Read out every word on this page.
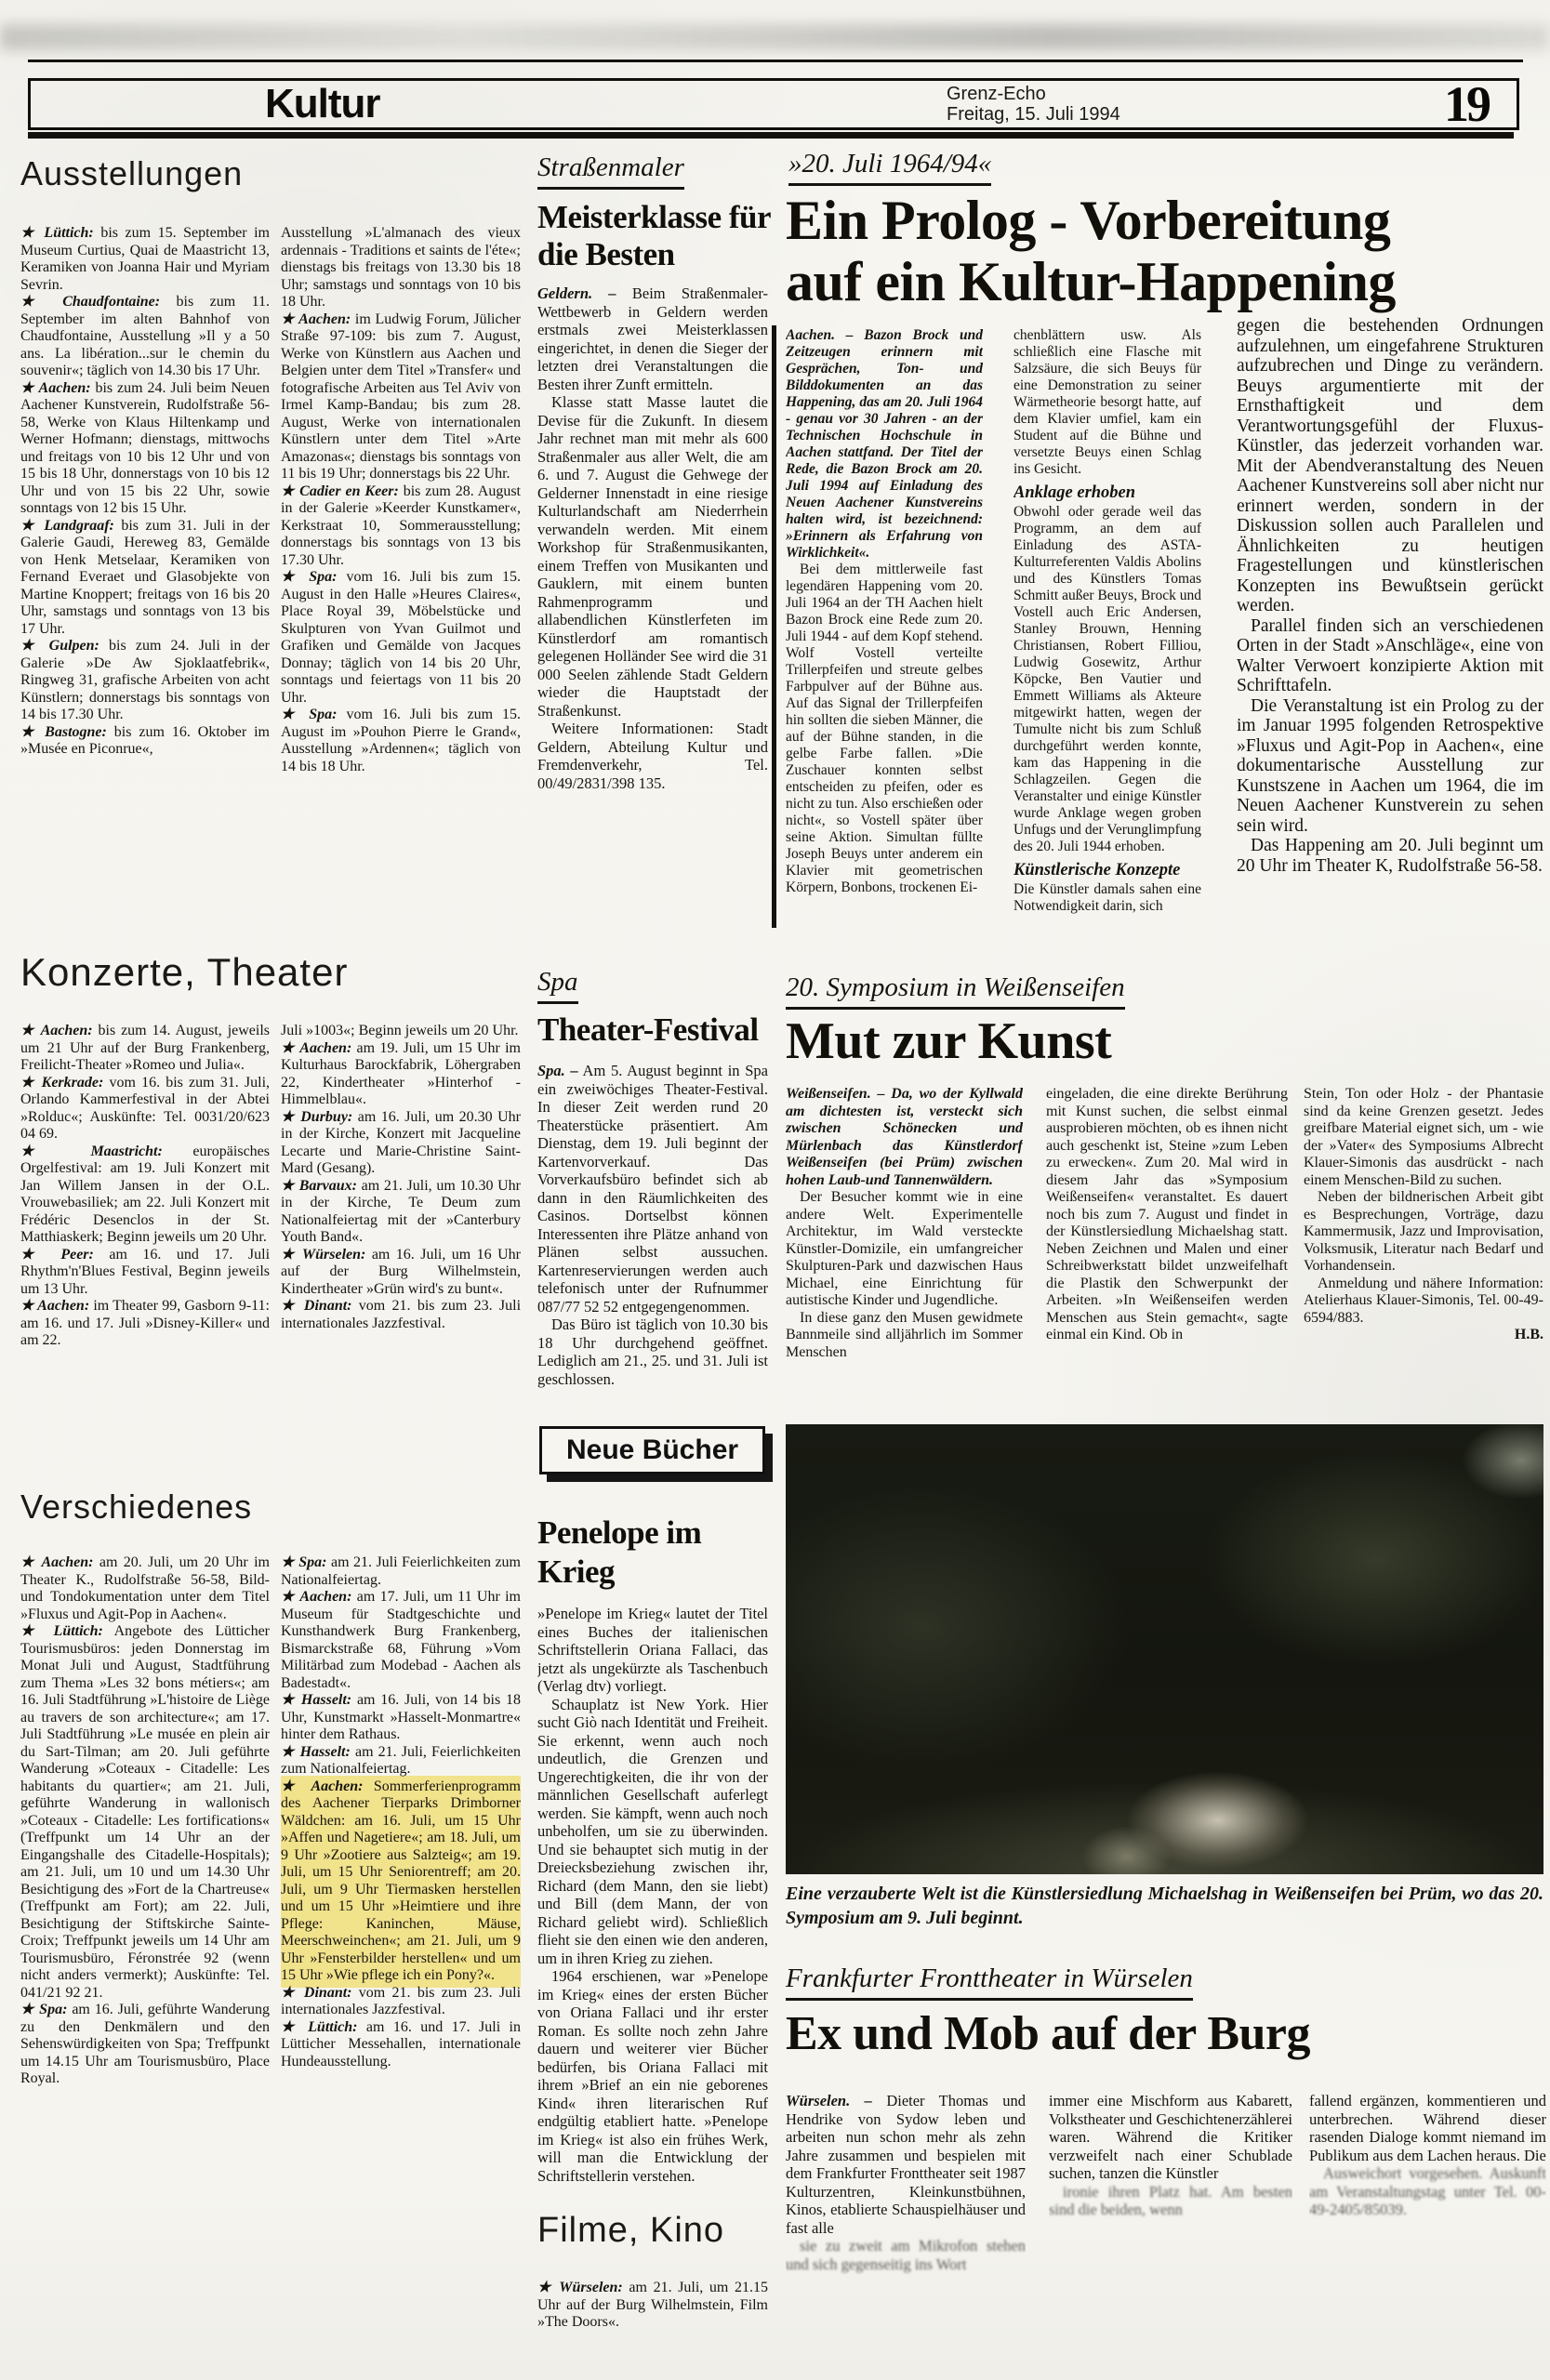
Kultur	Grenz-Echo
Freitag, 15. Juli 1994	19
Ausstellungen

★ Lüttich: bis zum 15. September im Museum Curtius, Quai de Maastricht 13, Keramiken von Joanna Hair und Myriam Sevrin.

★ Chaudfontaine: bis zum 11. September im alten Bahnhof von Chaudfontaine, Ausstellung »Il y a 50 ans. La libération...sur le chemin du souvenir«; täglich von 14.30 bis 17 Uhr.

★ Aachen: bis zum 24. Juli beim Neuen Aachener Kunstverein, Rudolfstraße 56-58, Werke von Klaus Hiltenkamp und Werner Hofmann; dienstags, mittwochs und freitags von 10 bis 12 Uhr und von 15 bis 18 Uhr, donnerstags von 10 bis 12 Uhr und von 15 bis 22 Uhr, sowie sonntags von 12 bis 15 Uhr.

★ Landgraaf: bis zum 31. Juli in der Galerie Gaudi, Hereweg 83, Gemälde von Henk Metselaar, Keramiken von Fernand Everaet und Glasobjekte von Martine Knoppert; freitags von 16 bis 20 Uhr, samstags und sonntags von 13 bis 17 Uhr.

★ Gulpen: bis zum 24. Juli in der Galerie »De Aw Sjoklaatfebrik«, Ringweg 31, grafische Arbeiten von acht Künstlern; donnerstags bis sonntags von 14 bis 17.30 Uhr.

★ Bastogne: bis zum 16. Oktober im »Musée en Piconrue«,

Ausstellung »L'almanach des vieux ardennais - Traditions et saints de l'éte«; dienstags bis freitags von 13.30 bis 18 Uhr; samstags und sonntags von 10 bis 18 Uhr.

★ Aachen: im Ludwig Forum, Jülicher Straße 97-109: bis zum 7. August, Werke von Künstlern aus Aachen und Belgien unter dem Titel »Transfer« und fotografische Arbeiten aus Tel Aviv von Irmel Kamp-Bandau; bis zum 28. August, Werke von internationalen Künstlern unter dem Titel »Arte Amazonas«; dienstags bis sonntags von 11 bis 19 Uhr; donnerstags bis 22 Uhr.

★ Cadier en Keer: bis zum 28. August in der Galerie »Keerder Kunstkamer«, Kerkstraat 10, Sommerausstellung; donnerstags bis sonntags von 13 bis 17.30 Uhr.

★ Spa: vom 16. Juli bis zum 15. August in den Halle »Heures Claires«, Place Royal 39, Möbelstücke und Skulpturen von Yvan Guilmot und Grafiken und Gemälde von Jacques Donnay; täglich von 14 bis 20 Uhr, sonntags und feiertags von 11 bis 20 Uhr.

★ Spa: vom 16. Juli bis zum 15. August im »Pouhon Pierre le Grand«, Ausstellung »Ardennen«; täglich von 14 bis 18 Uhr.

Konzerte, Theater

★ Aachen: bis zum 14. August, jeweils um 21 Uhr auf der Burg Frankenberg, Freilicht-Theater »Romeo und Julia«.

★ Kerkrade: vom 16. bis zum 31. Juli, Orlando Kammerfestival in der Abtei »Rolduc«; Auskünfte: Tel. 0031/20/623 04 69.

★ Maastricht: europäisches Orgelfestival: am 19. Juli Konzert mit Jan Willem Jansen in der O.L. Vrouwebasiliek; am 22. Juli Konzert mit Frédéric Desenclos in der St. Matthiaskerk; Beginn jeweils um 20 Uhr.

★ Peer: am 16. und 17. Juli Rhythm'n'Blues Festival, Beginn jeweils um 13 Uhr.

★ Aachen: im Theater 99, Gasborn 9-11: am 16. und 17. Juli »Disney-Killer« und am 22.

Juli »1003«; Beginn jeweils um 20 Uhr.

★ Aachen: am 19. Juli, um 15 Uhr im Kulturhaus Barockfabrik, Löhergraben 22, Kindertheater »Hinterhof - Himmelblau«.

★ Durbuy: am 16. Juli, um 20.30 Uhr in der Kirche, Konzert mit Jacqueline Lecarte und Marie-Christine Saint-Mard (Gesang).

★ Barvaux: am 21. Juli, um 10.30 Uhr in der Kirche, Te Deum zum Nationalfeiertag mit der »Canterbury Youth Band«.

★ Würselen: am 16. Juli, um 16 Uhr auf der Burg Wilhelmstein, Kindertheater »Grün wird's zu bunt«.

★ Dinant: vom 21. bis zum 23. Juli internationales Jazzfestival.

Verschiedenes

★ Aachen: am 20. Juli, um 20 Uhr im Theater K., Rudolfstraße 56-58, Bild- und Tondokumentation unter dem Titel »Fluxus und Agit-Pop in Aachen«.

★ Lüttich: Angebote des Lütticher Tourismusbüros: jeden Donnerstag im Monat Juli und August, Stadtführung zum Thema »Les 32 bons métiers«; am 16. Juli Stadtführung »L'histoire de Liège au travers de son architecture«; am 17. Juli Stadtführung »Le musée en plein air du Sart-Tilman; am 20. Juli geführte Wanderung »Coteaux - Citadelle: Les habitants du quartier«; am 21. Juli, geführte Wanderung in wallonisch »Coteaux - Citadelle: Les fortifications« (Treffpunkt um 14 Uhr an der Eingangshalle des Citadelle-Hospitals); am 21. Juli, um 10 und um 14.30 Uhr Besichtigung des »Fort de la Chartreuse« (Treffpunkt am Fort); am 22. Juli, Besichtigung der Stiftskirche Sainte-Croix; Treffpunkt jeweils um 14 Uhr am Tourismusbüro, Féronstrée 92 (wenn nicht anders vermerkt); Auskünfte: Tel. 041/21 92 21.

★ Spa: am 16. Juli, geführte Wanderung zu den Denkmälern und den Sehenswürdigkeiten von Spa; Treffpunkt um 14.15 Uhr am Tourismusbüro, Place Royal.

★ Spa: am 21. Juli Feierlichkeiten zum Nationalfeiertag.

★ Aachen: am 17. Juli, um 11 Uhr im Museum für Stadtgeschichte und Kunsthandwerk Burg Frankenberg, Bismarckstraße 68, Führung »Vom Militärbad zum Modebad - Aachen als Badestadt«.

★ Hasselt: am 16. Juli, von 14 bis 18 Uhr, Kunstmarkt »Hasselt-Monmartre« hinter dem Rathaus.

★ Hasselt: am 21. Juli, Feierlichkeiten zum Nationalfeiertag.

★ Aachen: Sommerferienprogramm des Aachener Tierparks Drimborner Wäldchen: am 16. Juli, um 15 Uhr »Affen und Nagetiere«; am 18. Juli, um 9 Uhr »Zootiere aus Salzteig«; am 19. Juli, um 15 Uhr Seniorentreff; am 20. Juli, um 9 Uhr Tiermasken herstellen und um 15 Uhr »Heimtiere und ihre Pflege: Kaninchen, Mäuse, Meerschweinchen«; am 21. Juli, um 9 Uhr »Fensterbilder herstellen« und um 15 Uhr »Wie pflege ich ein Pony?«.

★ Dinant: vom 21. bis zum 23. Juli internationales Jazzfestival.

★ Lüttich: am 16. und 17. Juli in Lütticher Messehallen, internationale Hundeausstellung.

Straßenmaler
Meisterklasse für die Besten

Geldern. – Beim Straßenmaler-Wettbewerb in Geldern werden erstmals zwei Meisterklassen eingerichtet, in denen die Sieger der letzten drei Veranstaltungen die Besten ihrer Zunft ermitteln.

Klasse statt Masse lautet die Devise für die Zukunft. In diesem Jahr rechnet man mit mehr als 600 Straßenmaler aus aller Welt, die am 6. und 7. August die Gehwege der Gelderner Innenstadt in eine riesige Kulturlandschaft am Niederrhein verwandeln werden. Mit einem Workshop für Straßenmusikanten, einem Treffen von Musikanten und Gauklern, mit einem bunten Rahmenprogramm und allabendlichen Künstlerfeten im Künstlerdorf am romantisch gelegenen Holländer See wird die 31 000 Seelen zählende Stadt Geldern wieder die Hauptstadt der Straßenkunst.

Weitere Informationen: Stadt Geldern, Abteilung Kultur und Fremdenverkehr, Tel. 00/49/2831/398 135.

Spa
Theater-Festival

Spa. – Am 5. August beginnt in Spa ein zweiwöchiges Theater-Festival. In dieser Zeit werden rund 20 Theaterstücke präsentiert. Am Dienstag, dem 19. Juli beginnt der Kartenvorverkauf. Das Vorverkaufsbüro befindet sich ab dann in den Räumlichkeiten des Casinos. Dortselbst können Interessenten ihre Plätze anhand von Plänen selbst aussuchen. Kartenreservierungen werden auch telefonisch unter der Rufnummer 087/77 52 52 entgegengenommen.

Das Büro ist täglich von 10.30 bis 18 Uhr durchgehend geöffnet. Lediglich am 21., 25. und 31. Juli ist geschlossen.

Neue Bücher
Penelope im Krieg

»Penelope im Krieg« lautet der Titel eines Buches der italienischen Schriftstellerin Oriana Fallaci, das jetzt als ungekürzte als Taschenbuch (Verlag dtv) vorliegt.

Schauplatz ist New York. Hier sucht Giò nach Identität und Freiheit. Sie erkennt, wenn auch noch undeutlich, die Grenzen und Ungerechtigkeiten, die ihr von der männlichen Gesellschaft auferlegt werden. Sie kämpft, wenn auch noch unbeholfen, um sie zu überwinden. Und sie behauptet sich mutig in der Dreiecksbeziehung zwischen ihr, Richard (dem Mann, den sie liebt) und Bill (dem Mann, der von Richard geliebt wird). Schließlich flieht sie den einen wie den anderen, um in ihren Krieg zu ziehen.

1964 erschienen, war »Penelope im Krieg« eines der ersten Bücher von Oriana Fallaci und ihr erster Roman. Es sollte noch zehn Jahre dauern und weiterer vier Bücher bedürfen, bis Oriana Fallaci mit ihrem »Brief an ein nie geborenes Kind« ihren literarischen Ruf endgültig etabliert hatte. »Penelope im Krieg« ist also ein frühes Werk, will man die Entwicklung der Schriftstellerin verstehen.

Filme, Kino

★ Würselen: am 21. Juli, um 21.15 Uhr auf der Burg Wilhelmstein, Film »The Doors«.

»20. Juli 1964/94«
Ein Prolog - Vorbereitung
auf ein Kultur-Happening

Aachen. – Bazon Brock und Zeitzeugen erinnern mit Gesprächen, Ton- und Bilddokumenten an das Happening, das am 20. Juli 1964 - genau vor 30 Jahren - an der Technischen Hochschule in Aachen stattfand. Der Titel der Rede, die Bazon Brock am 20. Juli 1994 auf Einladung des Neuen Aachener Kunstvereins halten wird, ist bezeichnend: »Erinnern als Erfahrung von Wirklichkeit«.

Bei dem mittlerweile fast legendären Happening vom 20. Juli 1964 an der TH Aachen hielt Bazon Brock eine Rede zum 20. Juli 1944 - auf dem Kopf stehend. Wolf Vostell verteilte Trillerpfeifen und streute gelbes Farbpulver auf der Bühne aus. Auf das Signal der Trillerpfeifen hin sollten die sieben Männer, die auf der Bühne standen, in die gelbe Farbe fallen. »Die Zuschauer konnten selbst entscheiden zu pfeifen, oder es nicht zu tun. Also erschießen oder nicht«, so Vostell später über seine Aktion. Simultan füllte Joseph Beuys unter anderem ein Klavier mit geometrischen Körpern, Bonbons, trockenen Ei-

chenblättern usw. Als schließlich eine Flasche mit Salzsäure, die sich Beuys für eine Demonstration zu seiner Wärmetheorie besorgt hatte, auf dem Klavier umfiel, kam ein Student auf die Bühne und versetzte Beuys einen Schlag ins Gesicht.

Anklage erhoben

Obwohl oder gerade weil das Programm, an dem auf Einladung des ASTA-Kulturreferenten Valdis Abolins und des Künstlers Tomas Schmitt außer Beuys, Brock und Vostell auch Eric Andersen, Stanley Brouwn, Henning Christiansen, Robert Filliou, Ludwig Gosewitz, Arthur Köpcke, Ben Vautier und Emmett Williams als Akteure mitgewirkt hatten, wegen der Tumulte nicht bis zum Schluß durchgeführt werden konnte, kam das Happening in die Schlagzeilen. Gegen die Veranstalter und einige Künstler wurde Anklage wegen groben Unfugs und der Verunglimpfung des 20. Juli 1944 erhoben.

Künstlerische Konzepte

Die Künstler damals sahen eine Notwendigkeit darin, sich

gegen die bestehenden Ordnungen aufzulehnen, um eingefahrene Strukturen aufzubrechen und Dinge zu verändern. Beuys argumentierte mit der Ernsthaftigkeit und dem Verantwortungsgefühl der Fluxus-Künstler, das jederzeit vorhanden war. Mit der Abendveranstaltung des Neuen Aachener Kunstvereins soll aber nicht nur erinnert werden, sondern in der Diskussion sollen auch Parallelen und Ähnlichkeiten zu heutigen Fragestellungen und künstlerischen Konzepten ins Bewußtsein gerückt werden.

Parallel finden sich an verschiedenen Orten in der Stadt »Anschläge«, eine von Walter Verwoert konzipierte Aktion mit Schrifttafeln.

Die Veranstaltung ist ein Prolog zu der im Januar 1995 folgenden Retrospektive »Fluxus und Agit-Pop in Aachen«, eine dokumentarische Ausstellung zur Kunstszene in Aachen um 1964, die im Neuen Aachener Kunstverein zu sehen sein wird.

Das Happening am 20. Juli beginnt um 20 Uhr im Theater K, Rudolfstraße 56-58.

20. Symposium in Weißenseifen
Mut zur Kunst

Weißenseifen. – Da, wo der Kyllwald am dichtesten ist, versteckt sich zwischen Schönecken und Mürlenbach das Künstlerdorf Weißenseifen (bei Prüm) zwischen hohen Laub-und Tannenwäldern.

Der Besucher kommt wie in eine andere Welt. Experimentelle Architektur, im Wald versteckte Künstler-Domizile, ein umfangreicher Skulpturen-Park und dazwischen Haus Michael, eine Einrichtung für autistische Kinder und Jugendliche.

In diese ganz den Musen gewidmete Bannmeile sind alljährlich im Sommer Menschen

eingeladen, die eine direkte Berührung mit Kunst suchen, die selbst einmal ausprobieren möchten, ob es ihnen nicht auch geschenkt ist, Steine »zum Leben zu erwecken«. Zum 20. Mal wird in diesem Jahr das »Symposium Weißenseifen« veranstaltet. Es dauert noch bis zum 7. August und findet in der Künstlersiedlung Michaelshag statt. Neben Zeichnen und Malen und einer Schreibwerkstatt bildet unzweifelhaft die Plastik den Schwerpunkt der Arbeiten. »In Weißenseifen werden Menschen aus Stein gemacht«, sagte einmal ein Kind. Ob in

Stein, Ton oder Holz - der Phantasie sind da keine Grenzen gesetzt. Jedes greifbare Material eignet sich, um - wie der »Vater« des Symposiums Albrecht Klauer-Simonis das ausdrückt - nach einem Menschen-Bild zu suchen.

Neben der bildnerischen Arbeit gibt es Besprechungen, Vorträge, dazu Kammermusik, Jazz und Improvisation, Volksmusik, Literatur nach Bedarf und Vorhandensein.

Anmeldung und nähere Information: Atelierhaus Klauer-Simonis, Tel. 00-49-6594/883.

H.B.

Eine verzauberte Welt ist die Künstlersiedlung Michaelshag in Weißenseifen bei Prüm, wo das 20. Symposium am 9. Juli beginnt.
Frankfurter Fronttheater in Würselen
Ex und Mob auf der Burg

Würselen. – Dieter Thomas und Hendrike von Sydow leben und arbeiten nun schon mehr als zehn Jahre zusammen und bespielen mit dem Frankfurter Fronttheater seit 1987 Kulturzentren, Kleinkunstbühnen, Kinos, etablierte Schauspielhäuser und fast alle

sie zu zweit am Mikrofon stehen und sich gegenseitig ins Wort

immer eine Mischform aus Kabarett, Volkstheater und Geschichtenerzählerei waren. Während die Kritiker verzweifelt nach einer Schublade suchen, tanzen die Künstler

ironie ihren Platz hat. Am besten sind die beiden, wenn

fallend ergänzen, kommentieren und unterbrechen. Während dieser rasenden Dialoge kommt niemand im Publikum aus dem Lachen heraus. Die

Ausweichort vorgesehen. Auskunft am Veranstaltungstag unter Tel. 00-49-2405/85039.
